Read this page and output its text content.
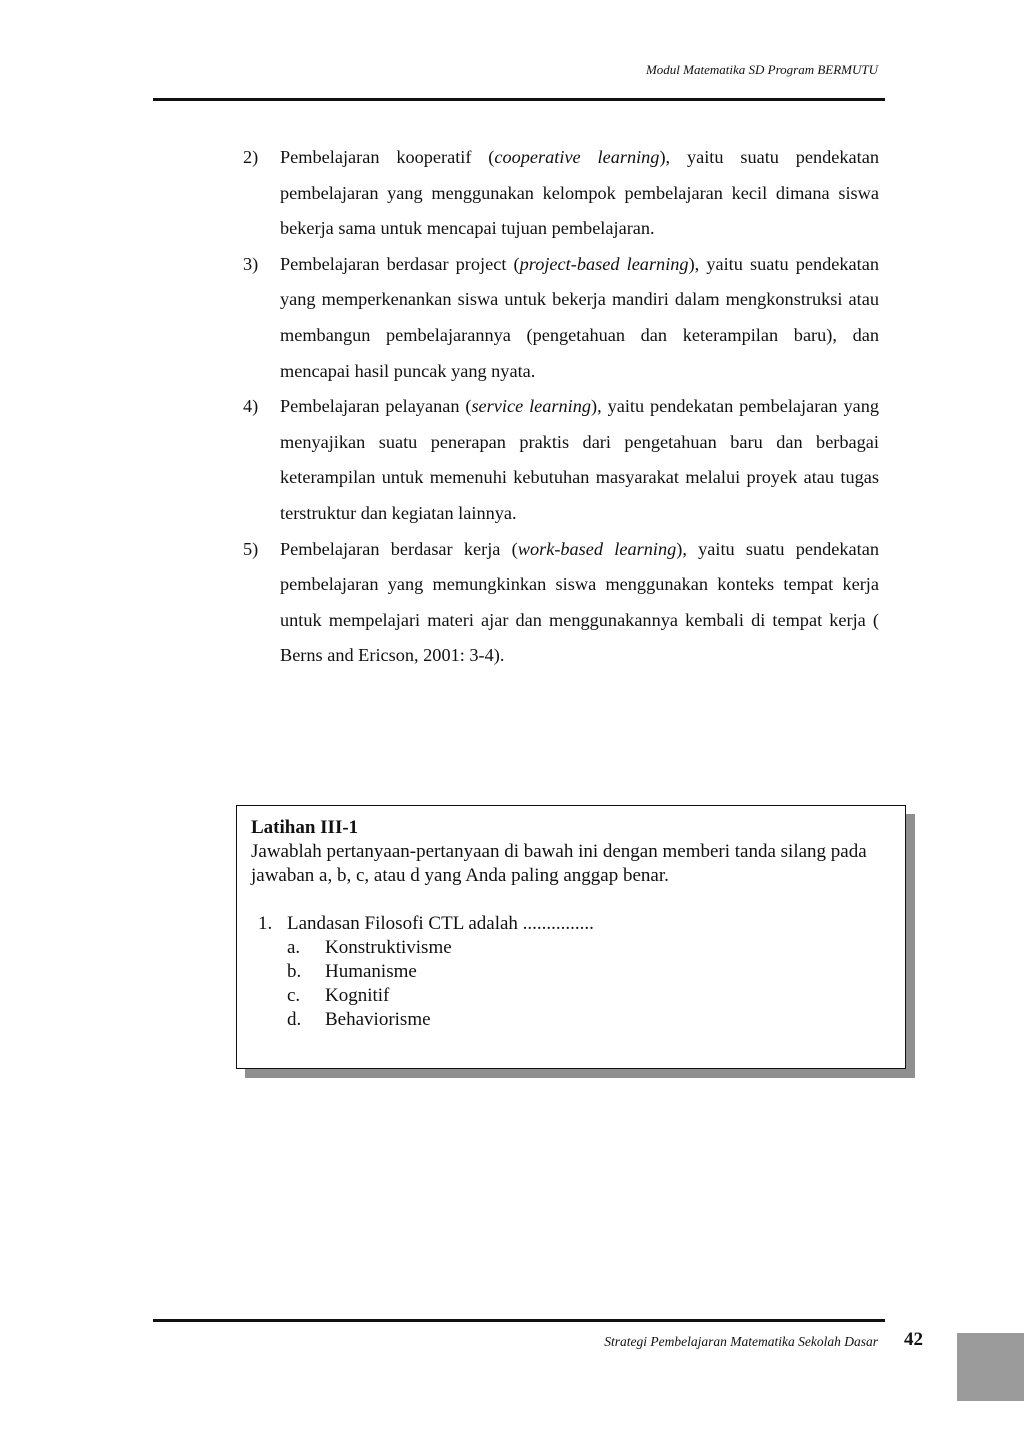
Modul Matematika SD Program BERMUTU
2) Pembelajaran kooperatif (cooperative learning), yaitu suatu pendekatan pembelajaran yang menggunakan kelompok pembelajaran kecil dimana siswa bekerja sama untuk mencapai tujuan pembelajaran.
3) Pembelajaran berdasar project (project-based learning), yaitu suatu pendekatan yang memperkenankan siswa untuk bekerja mandiri dalam mengkonstruksi atau membangun pembelajarannya (pengetahuan dan keterampilan baru), dan mencapai hasil puncak yang nyata.
4) Pembelajaran pelayanan (service learning), yaitu pendekatan pembelajaran yang menyajikan suatu penerapan praktis dari pengetahuan baru dan berbagai keterampilan untuk memenuhi kebutuhan masyarakat melalui proyek atau tugas terstruktur dan kegiatan lainnya.
5) Pembelajaran berdasar kerja (work-based learning), yaitu suatu pendekatan pembelajaran yang memungkinkan siswa menggunakan konteks tempat kerja untuk mempelajari materi ajar dan menggunakannya kembali di tempat kerja ( Berns and Ericson, 2001: 3-4).
Latihan III-1
Jawablah pertanyaan-pertanyaan di bawah ini dengan memberi tanda silang pada jawaban a, b, c, atau d yang Anda paling anggap benar.
1. Landasan Filosofi CTL adalah ...............
a. Konstruktivisme
b. Humanisme
c. Kognitif
d. Behaviorisme
Strategi Pembelajaran Matematika Sekolah Dasar 42
